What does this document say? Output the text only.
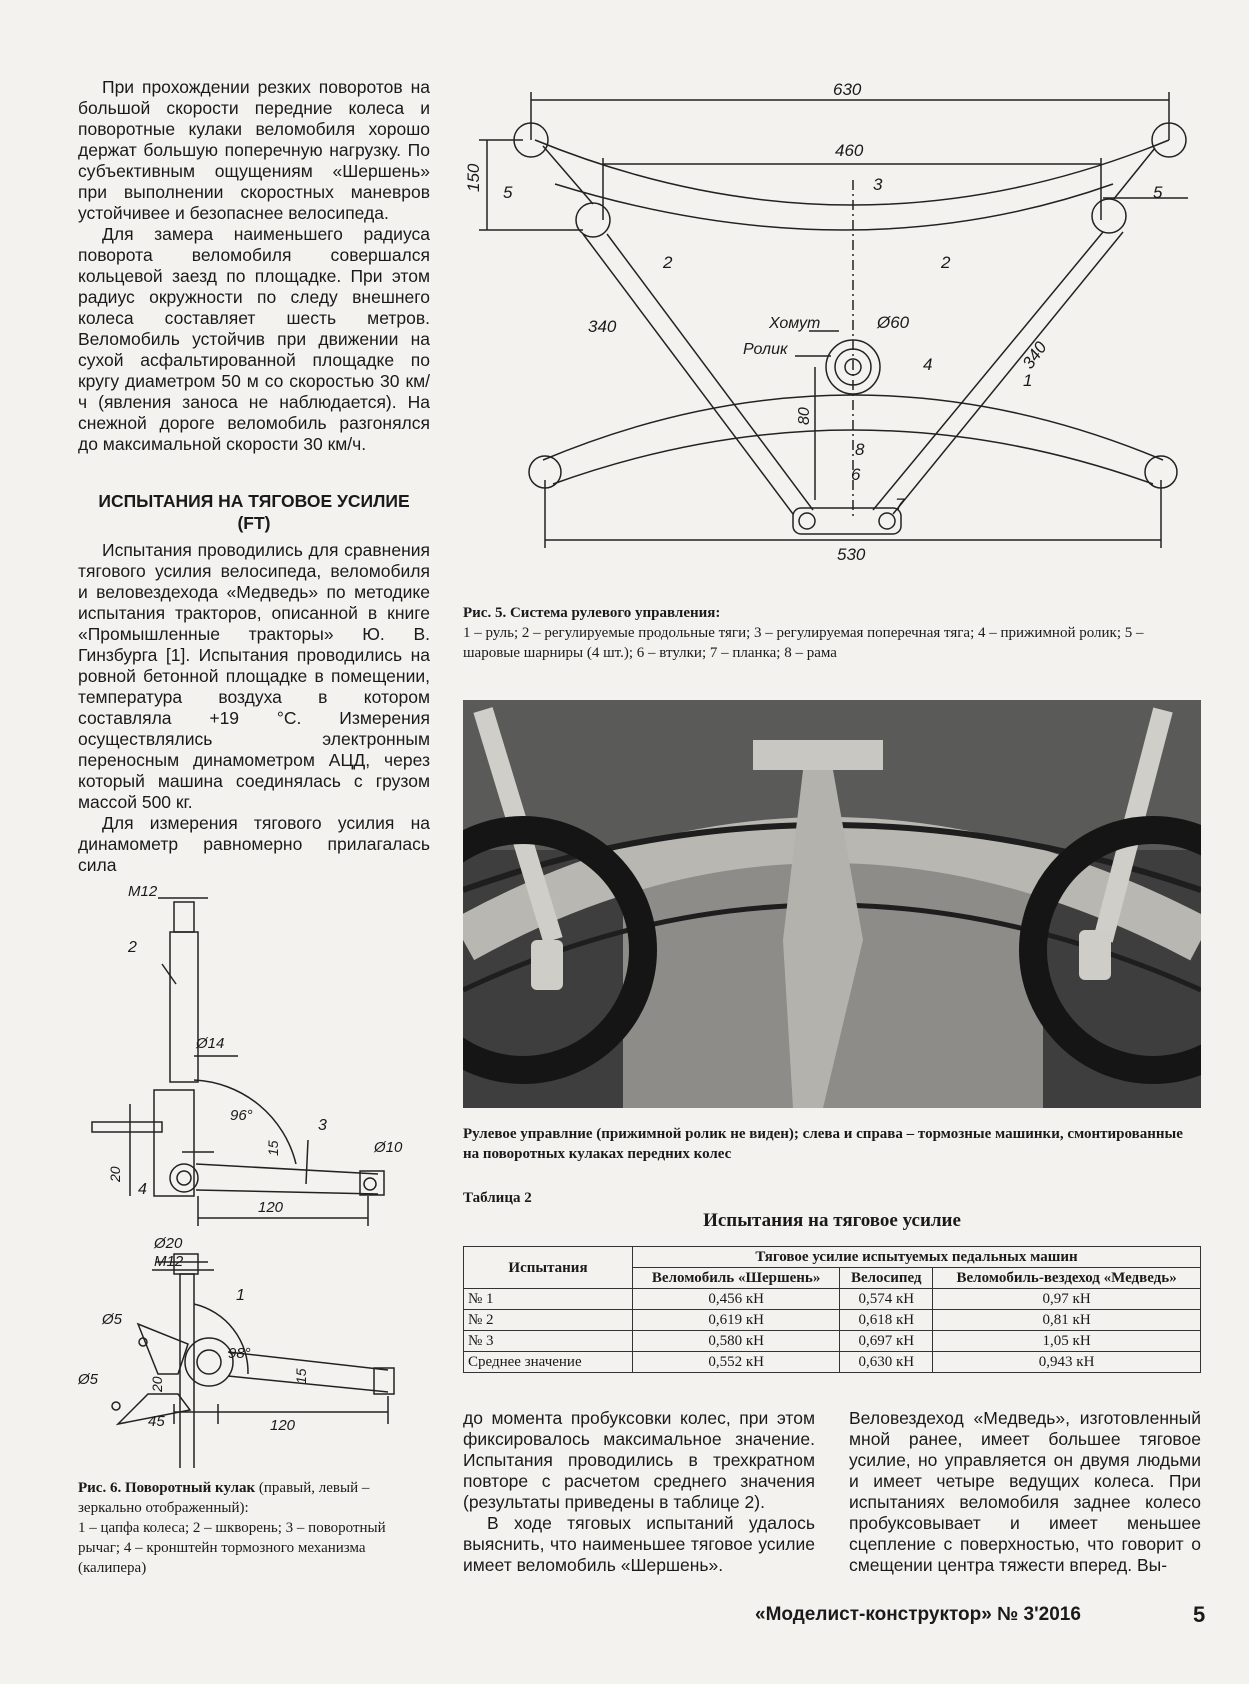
При прохождении резких поворотов на большой скорости передние колеса и поворотные кулаки веломобиля хорошо держат большую поперечную нагрузку. По субъективным ощущениям «Шершень» при выполнении скоростных маневров устойчивее и безопаснее велосипеда.

Для замера наименьшего радиуса поворота веломобиля совершался кольцевой заезд по площадке. При этом радиус окружности по следу внешнего колеса составляет шесть метров. Веломобиль устойчив при движении на сухой асфальтированной площадке по кругу диаметром 50 м со скоростью 30 км/ч (явления заноса не наблюдается). На снежной дороге веломобиль разгонялся до максимальной скорости 30 км/ч.

ИСПЫТАНИЯ НА ТЯГОВОЕ УСИЛИЕ
(FT)

Испытания проводились для сравнения тягового усилия велосипеда, веломобиля и веловездехода «Медведь» по методике испытания тракторов, описанной в книге «Промышленные тракторы» Ю. В. Гинзбурга [1]. Испытания проводились на ровной бетонной площадке в помещении, температура воздуха в котором составляла +19 °С. Измерения осуществлялись электронным переносным динамометром АЦД, через который машина соединялась с грузом массой 500 кг.

Для измерения тягового усилия на динамометр равномерно прилагалась сила

630
460
150
340
340
80
530
Ø60
1
2	2
3
4
5	5
6
7
8
Хомут
Ролик
Рис. 5. Система рулевого управления:
1 – руль; 2 – регулируемые продольные тяги; 3 – регулируемая поперечная тяга; 4 – прижимной ролик; 5 – шаровые шарниры (4 шт.); 6 – втулки; 7 – планка; 8 – рама
Рулевое управлние (прижимной ролик не виден); слева и справа – тормозные машинки, смонтированные на поворотных кулаках передних колес
Таблица 2
Испытания на тяговое усилие
Испытания	Тяговое усилие испытуемых педальных машин		
	Веломобиль «Шершень»	Велосипед	Веломобиль-вездеход «Медведь»
№ 1	0,456 кН	0,574 кН	0,97 кН
№ 2	0,619 кН	0,618 кН	0,81 кН
№ 3	0,580 кН	0,697 кН	1,05 кН
Среднее значение	0,552 кН	0,630 кН	0,943 кН

до момента пробуксовки колес, при этом фиксировалось максимальное значение. Испытания проводились в трехкратном повторе с расчетом среднего значения (результаты приведены в таблице 2).

В ходе тяговых испытаний удалось выяснить, что наименьшее тяговое усилие имеет веломобиль «Шершень».

Веловездеход «Медведь», изготовленный мной ранее, имеет большее тяговое усилие, но управляется он двумя людьми и имеет четыре ведущих колеса. При испытаниях веломобиля заднее колесо пробуксовывает и имеет меньшее сцепление с поверхностью, что говорит о смещении центра тяжести вперед. Вы-

М12
2
Ø14
96°
3
15	Ø10
20
4
120
Ø20
М12
1
Ø5
98°
Ø5	20
15
45	120
Рис. 6. Поворотный кулак (правый, левый – зеркально отображенный):
1 – цапфа колеса; 2 – шкворень; 3 – поворотный рычаг; 4 – кронштейн тормозного механизма (калипера)
«Моделист-конструктор» № 3'2016	5
